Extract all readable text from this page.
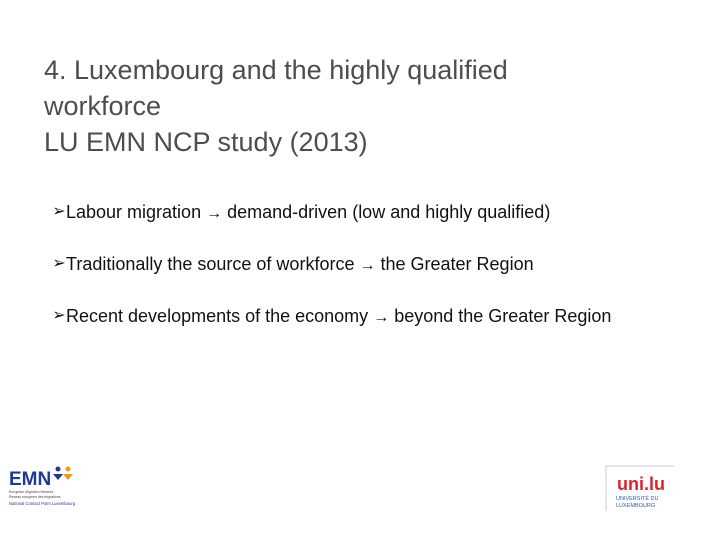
4. Luxembourg and the highly qualified
workforce
LU EMN NCP study (2013)
➢ Labour migration → demand-driven (low and highly qualified)
➢ Traditionally the source of workforce → the Greater Region
➢ Recent developments of the economy → beyond the Greater Region
EMN
European Migration Network
Reseau europeen des migrations
National Contact Point Luxembourg
uni.lu
UNIVERSITÉ DU
LUXEMBOURG
